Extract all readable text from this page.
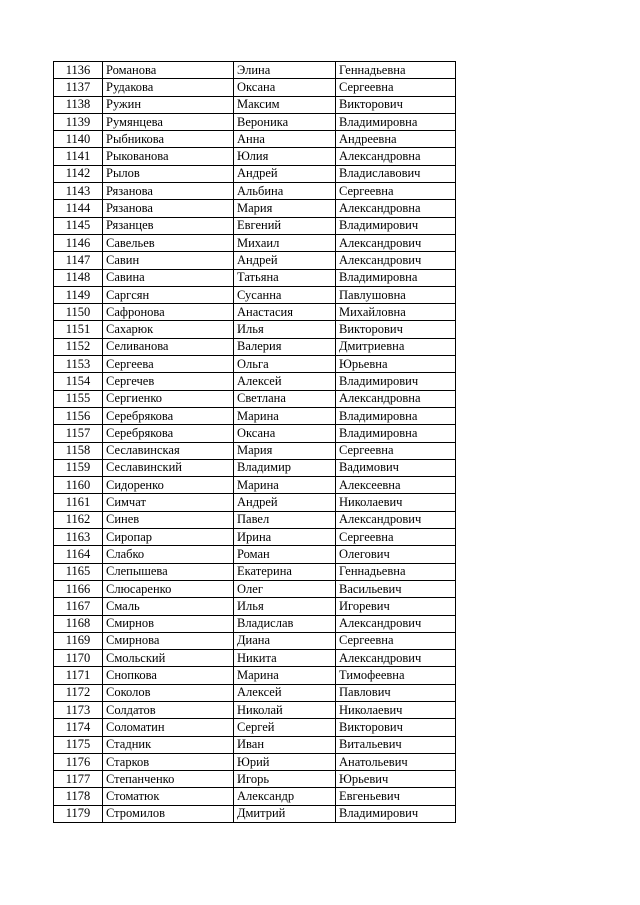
1136	Романова	Элина	Геннадьевна
1137	Рудакова	Оксана	Сергеевна
1138	Ружин	Максим	Викторович
1139	Румянцева	Вероника	Владимировна
1140	Рыбникова	Анна	Андреевна
1141	Рыкованова	Юлия	Александровна
1142	Рылов	Андрей	Владиславович
1143	Рязанова	Альбина	Сергеевна
1144	Рязанова	Мария	Александровна
1145	Рязанцев	Евгений	Владимирович
1146	Савельев	Михаил	Александрович
1147	Савин	Андрей	Александрович
1148	Савина	Татьяна	Владимировна
1149	Саргсян	Сусанна	Павлушовна
1150	Сафронова	Анастасия	Михайловна
1151	Сахарюк	Илья	Викторович
1152	Селиванова	Валерия	Дмитриевна
1153	Сергеева	Ольга	Юрьевна
1154	Сергечев	Алексей	Владимирович
1155	Сергиенко	Светлана	Александровна
1156	Серебрякова	Марина	Владимировна
1157	Серебрякова	Оксана	Владимировна
1158	Сеславинская	Мария	Сергеевна
1159	Сеславинский	Владимир	Вадимович
1160	Сидоренко	Марина	Алексеевна
1161	Симчат	Андрей	Николаевич
1162	Синев	Павел	Александрович
1163	Сиропар	Ирина	Сергеевна
1164	Слабко	Роман	Олегович
1165	Слепышева	Екатерина	Геннадьевна
1166	Слюсаренко	Олег	Васильевич
1167	Смаль	Илья	Игоревич
1168	Смирнов	Владислав	Александрович
1169	Смирнова	Диана	Сергеевна
1170	Смольский	Никита	Александрович
1171	Снопкова	Марина	Тимофеевна
1172	Соколов	Алексей	Павлович
1173	Солдатов	Николай	Николаевич
1174	Соломатин	Сергей	Викторович
1175	Стадник	Иван	Витальевич
1176	Старков	Юрий	Анатольевич
1177	Степанченко	Игорь	Юрьевич
1178	Стоматюк	Александр	Евгеньевич
1179	Стромилов	Дмитрий	Владимирович
